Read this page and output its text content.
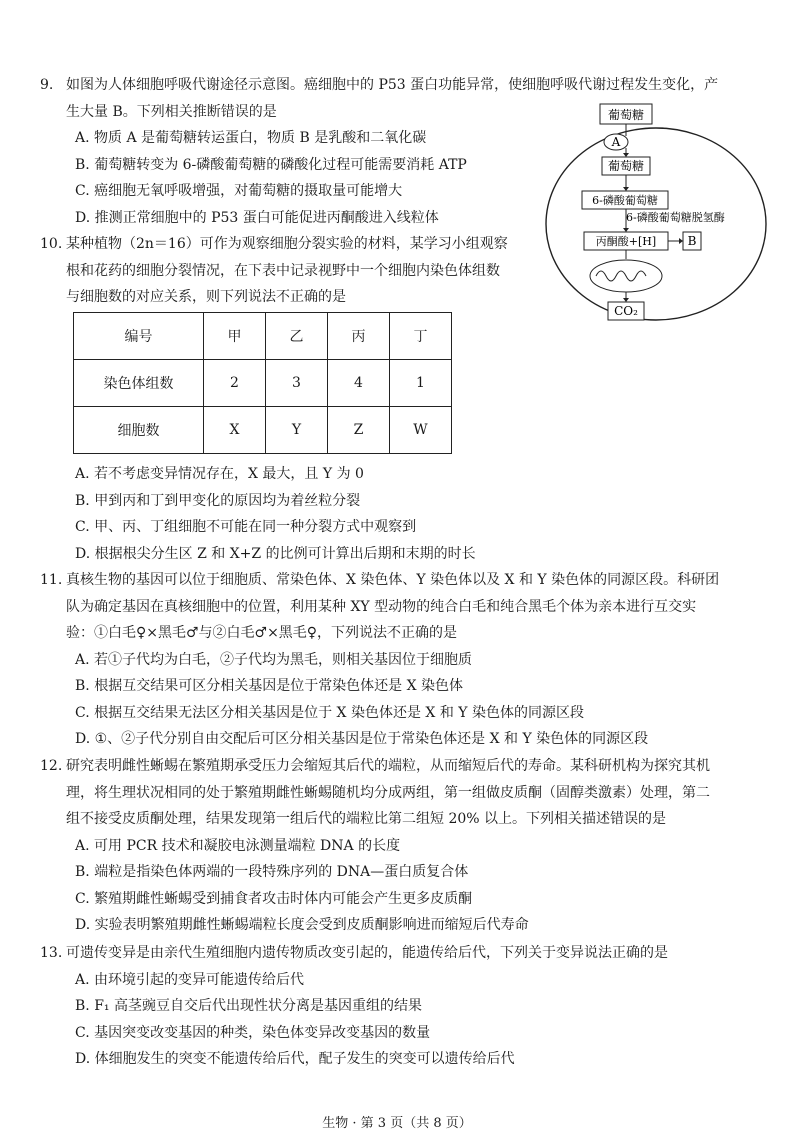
9. 如图为人体细胞呼吸代谢途径示意图。癌细胞中的 P53 蛋白功能异常，使细胞呼吸代谢过程发生变化，产
生大量 B。下列相关推断错误的是
A. 物质 A 是葡萄糖转运蛋白，物质 B 是乳酸和二氧化碳
B. 葡萄糖转变为 6-磷酸葡萄糖的磷酸化过程可能需要消耗 ATP
C. 癌细胞无氧呼吸增强，对葡萄糖的摄取量可能增大
D. 推测正常细胞中的 P53 蛋白可能促进丙酮酸进入线粒体
葡萄糖
A
葡萄糖
6-磷酸葡萄糖
6-磷酸葡萄糖脱氢酶
丙酮酸+[H]	B
CO₂
10. 某种植物（2n＝16）可作为观察细胞分裂实验的材料，某学习小组观察
根和花药的细胞分裂情况，在下表中记录视野中一个细胞内染色体组数
与细胞数的对应关系，则下列说法不正确的是
编号	甲	乙	丙	丁
染色体组数	2	3	4	1
细胞数	X	Y	Z	W
A. 若不考虑变异情况存在，X 最大，且 Y 为 0
B. 甲到丙和丁到甲变化的原因均为着丝粒分裂
C. 甲、丙、丁组细胞不可能在同一种分裂方式中观察到
D. 根据根尖分生区 Z 和 X+Z 的比例可计算出后期和末期的时长
11. 真核生物的基因可以位于细胞质、常染色体、X 染色体、Y 染色体以及 X 和 Y 染色体的同源区段。科研团
队为确定基因在真核细胞中的位置，利用某种 XY 型动物的纯合白毛和纯合黑毛个体为亲本进行互交实
验：①白毛♀×黑毛♂与②白毛♂×黑毛♀，下列说法不正确的是
A. 若①子代均为白毛，②子代均为黑毛，则相关基因位于细胞质
B. 根据互交结果可区分相关基因是位于常染色体还是 X 染色体
C. 根据互交结果无法区分相关基因是位于 X 染色体还是 X 和 Y 染色体的同源区段
D. ①、②子代分别自由交配后可区分相关基因是位于常染色体还是 X 和 Y 染色体的同源区段
12. 研究表明雌性蜥蜴在繁殖期承受压力会缩短其后代的端粒，从而缩短后代的寿命。某科研机构为探究其机
理，将生理状况相同的处于繁殖期雌性蜥蜴随机均分成两组，第一组做皮质酮（固醇类激素）处理，第二
组不接受皮质酮处理，结果发现第一组后代的端粒比第二组短 20% 以上。下列相关描述错误的是
A. 可用 PCR 技术和凝胶电泳测量端粒 DNA 的长度
B. 端粒是指染色体两端的一段特殊序列的 DNA—蛋白质复合体
C. 繁殖期雌性蜥蜴受到捕食者攻击时体内可能会产生更多皮质酮
D. 实验表明繁殖期雌性蜥蜴端粒长度会受到皮质酮影响进而缩短后代寿命
13. 可遗传变异是由亲代生殖细胞内遗传物质改变引起的，能遗传给后代，下列关于变异说法正确的是
A. 由环境引起的变异可能遗传给后代
B. F₁ 高茎豌豆自交后代出现性状分离是基因重组的结果
C. 基因突变改变基因的种类，染色体变异改变基因的数量
D. 体细胞发生的突变不能遗传给后代，配子发生的突变可以遗传给后代
生物 · 第 3 页（共 8 页）
